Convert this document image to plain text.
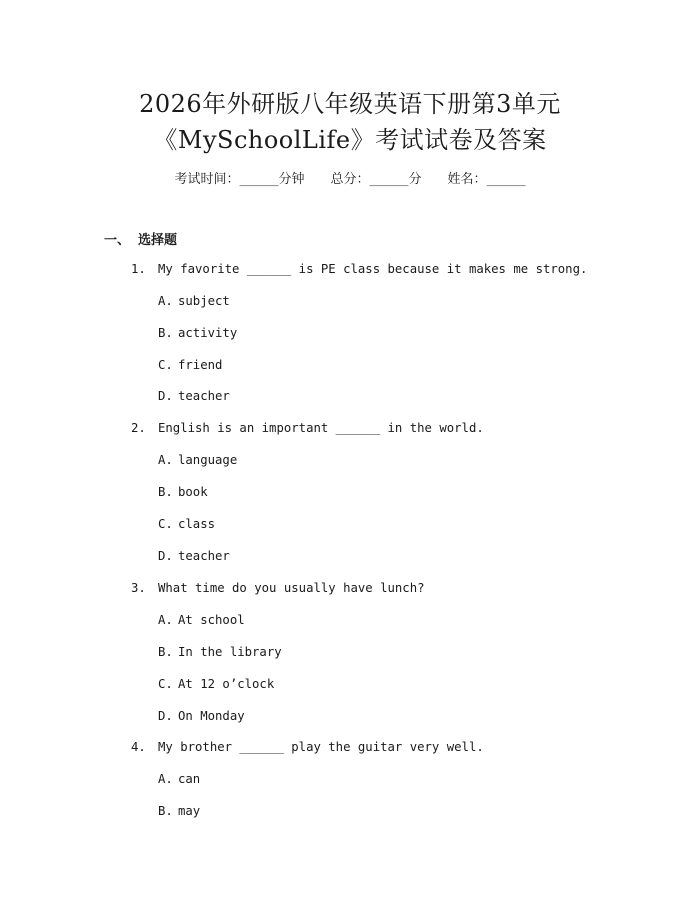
2026年外研版八年级英语下册第3单元
《MySchoolLife》考试试卷及答案
考试时间：______分钟 总分：______分 姓名：______
一、 选择题
1. My favorite ______ is PE class because it makes me strong.
A. subject
B. activity
C. friend
D. teacher
2. English is an important ______ in the world.
A. language
B. book
C. class
D. teacher
3. What time do you usually have lunch?
A. At school
B. In the library
C. At 12 o’clock
D. On Monday
4. My brother ______ play the guitar very well.
A. can
B. may
